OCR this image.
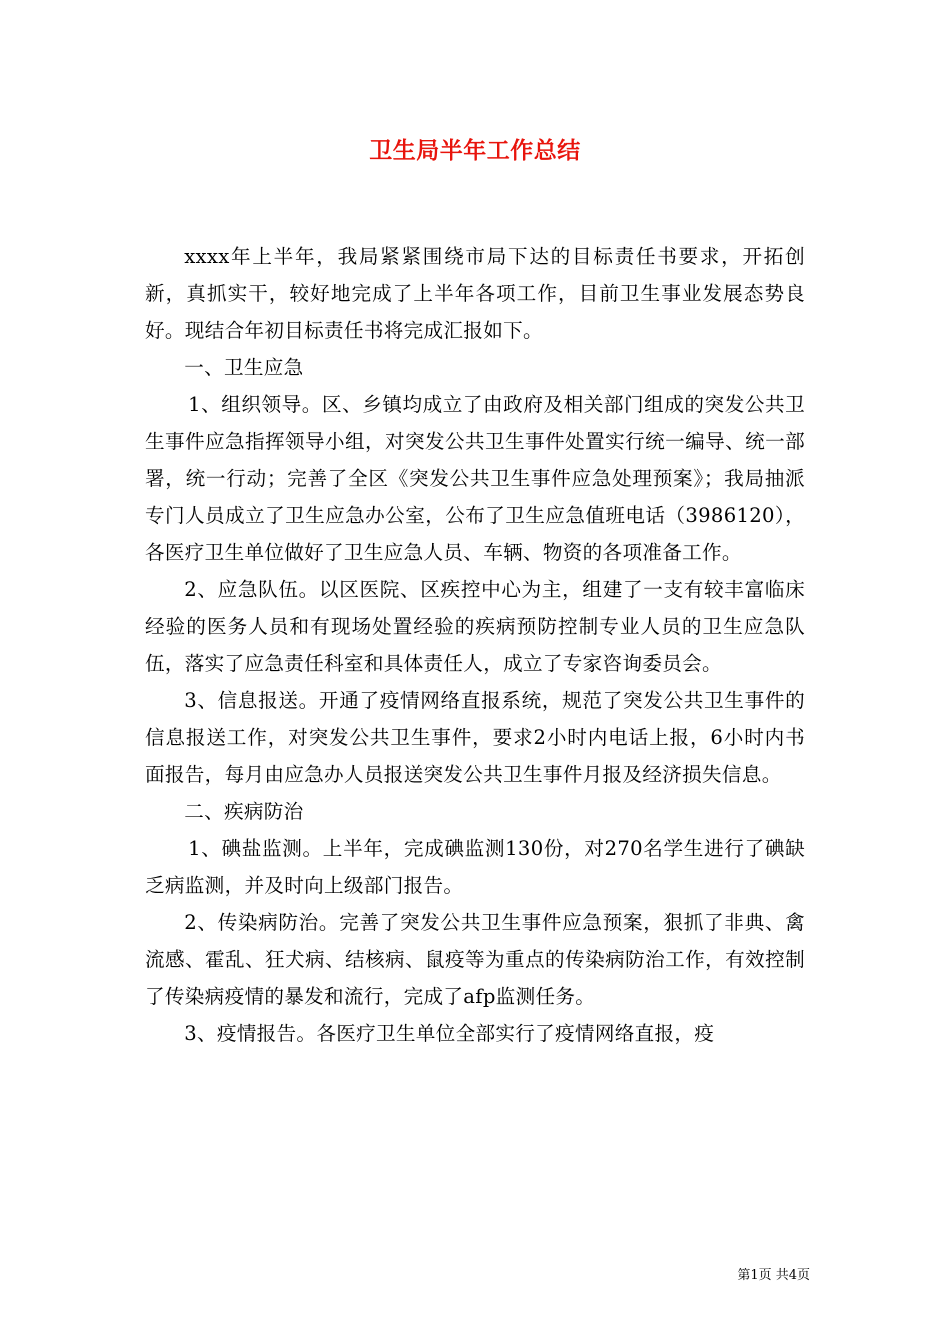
卫生局半年工作总结

xxxx年上半年，我局紧紧围绕市局下达的目标责任书要求，开拓创新，真抓实干，较好地完成了上半年各项工作，目前卫生事业发展态势良好。现结合年初目标责任书将完成汇报如下。

一、卫生应急

1、组织领导。区、乡镇均成立了由政府及相关部门组成的突发公共卫生事件应急指挥领导小组，对突发公共卫生事件处置实行统一编导、统一部署，统一行动；完善了全区《突发公共卫生事件应急处理预案》；我局抽派专门人员成立了卫生应急办公室，公布了卫生应急值班电话（3986120），各医疗卫生单位做好了卫生应急人员、车辆、物资的各项准备工作。

2、应急队伍。以区医院、区疾控中心为主，组建了一支有较丰富临床经验的医务人员和有现场处置经验的疾病预防控制专业人员的卫生应急队伍，落实了应急责任科室和具体责任人，成立了专家咨询委员会。

3、信息报送。开通了疫情网络直报系统，规范了突发公共卫生事件的信息报送工作，对突发公共卫生事件，要求2小时内电话上报，6小时内书面报告，每月由应急办人员报送突发公共卫生事件月报及经济损失信息。

二、疾病防治

1、碘盐监测。上半年，完成碘监测130份，对270名学生进行了碘缺乏病监测，并及时向上级部门报告。

2、传染病防治。完善了突发公共卫生事件应急预案，狠抓了非典、禽流感、霍乱、狂犬病、结核病、鼠疫等为重点的传染病防治工作，有效控制了传染病疫情的暴发和流行，完成了afp监测任务。

3、疫情报告。各医疗卫生单位全部实行了疫情网络直报，疫

第1页 共4页
